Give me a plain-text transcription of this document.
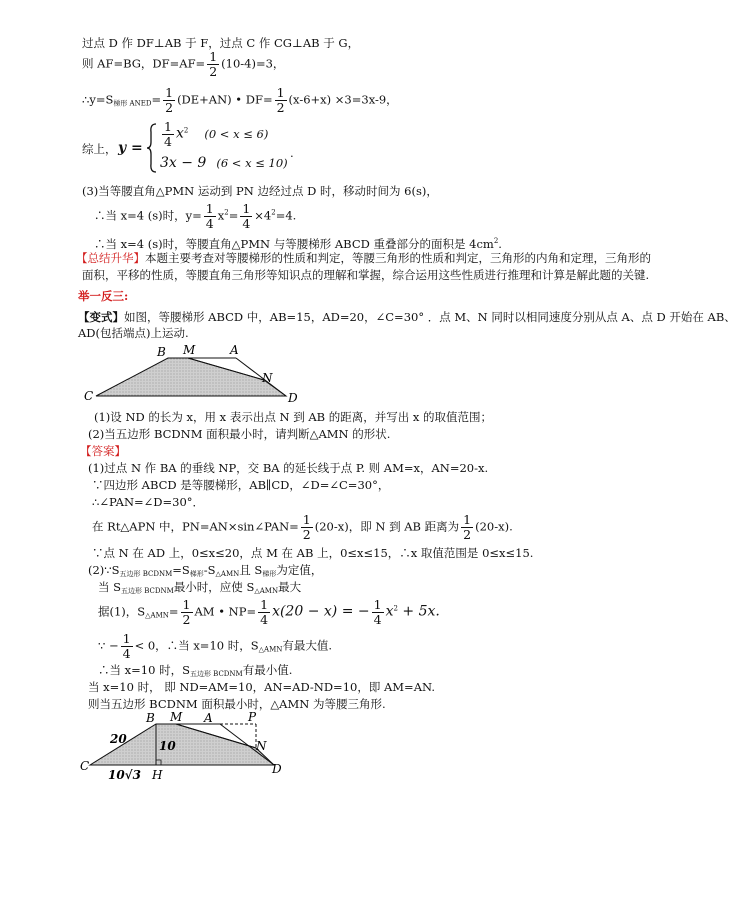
过点 D 作 DF⊥AB 于 F，过点 C 作 CG⊥AB 于 G，
则 AF=BG，$DF=AF= \frac{1}{2} (10-4)=3$，
$\therefore y=S_{梯形 ANED}= \frac{1}{2} (DE+AN)$ • $DF= \frac{1}{2} (x-6+x) \times 3=3x-9$，
综上， $y = \frac{1}{4} x^2$ (0 < x ≤ 6)
3x − 9 (6 < x ≤ 10)
.
(3)当等腰直角△PMN 运动到 PN 边经过点 D 时，移动时间为 6(s)，
∴当 x=4 (s)时，$y= \frac{1}{4} x^2= \frac{1}{4} \times 4^2=4$.
∴当 x=4 (s)时，等腰直角△PMN 与等腰梯形 ABCD 重叠部分的面积是 $4cm^2$.
【总结升华】本题主要考查对等腰梯形的性质和判定，等腰三角形的性质和判定，三角形的内角和定理，三角形的
面积，平移的性质，等腰直角三角形等知识点的理解和掌握，综合运用这些性质进行推理和计算是解此题的关键.
举一反三:
【变式】如图，等腰梯形 ABCD 中，AB=15，AD=20，∠C=30° ．点 M、N 同时以相同速度分别从点 A、点 D 开始在 AB、
AD(包括端点)上运动.
B M	A
N
C	D
(1)设 ND 的长为 x，用 x 表示出点 N 到 AB 的距离，并写出 x 的取值范围；
(2)当五边形 BCDNM 面积最小时，请判断△AMN 的形状.
【答案】
(1)过点 N 作 BA 的垂线 NP，交 BA 的延长线于点 P. 则 AM=x，AN=20-x.
∵四边形 ABCD 是等腰梯形，AB∥CD，∠D=∠C=30°，
∴∠PAN=∠D=30°．
在 Rt△APN 中，PN=AN×sin∠PAN= $\frac{1}{2} (20-x)$，即 N 到 AB 距离为 $\frac{1}{2} (20-x)$.
∵点 N 在 AD 上，0≤x≤20，点 M 在 AB 上，0≤x≤15，∴x 取值范围是 0≤x≤15.
$(2)\because S_{五边形 BCDNM}=S_{梯形}-S_{\triangle AMN}$且 $S_{梯形}$为定值，
当 $S_{五边形 BCDNM}$最小时，应使 $S_{\triangle AMN}$最大
据(1)，$S_{\triangle AMN}= \frac{1}{2}$ AM • $NP= \frac{1}{4} x(20 - x)$ = − $\frac{1}{4} x^2 + 5x$.
∵ − $\frac{1}{4} < 0$，∴当 x=10 时，$S_{\triangle AMN}$有最大值.
∴当 x=10 时，$S_{五边形 BCDNM}$有最小值.
当 x=10 时， 即 ND=AM=10，AN=AD-ND=10，即 AM=AN.
则当五边形 BCDNM 面积最小时，△AMN 为等腰三角形.
B M A	P
N
C	D
H
20	10
10√3
